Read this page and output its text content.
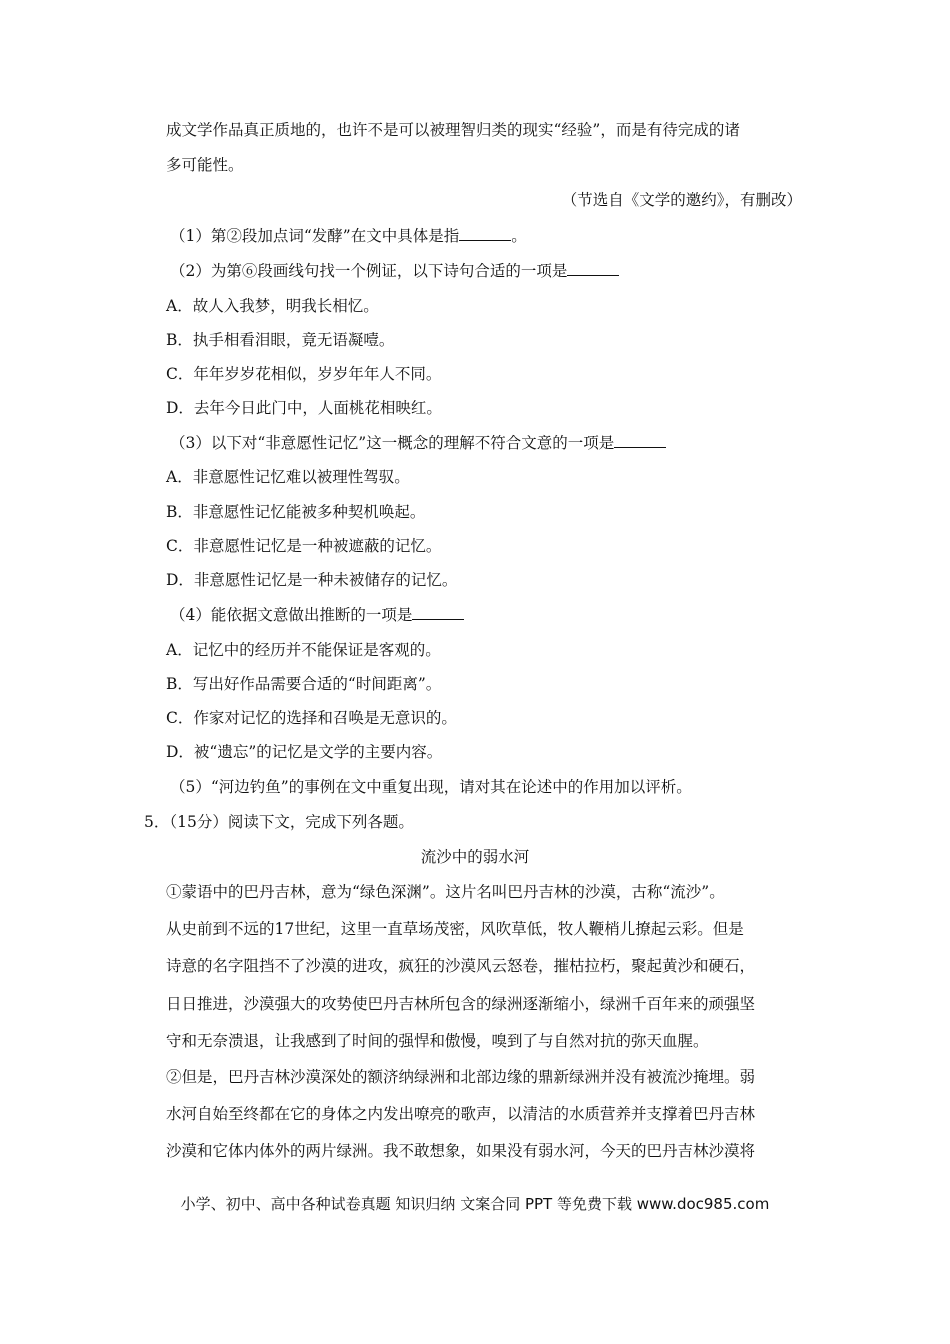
成文学作品真正质地的，也许不是可以被理智归类的现实“经验”，而是有待完成的诸
多可能性。
（节选自《文学的邀约》，有删改）
（1）第②段加点词“发酵”在文中具体是指	。
（2）为第⑥段画线句找一个例证，以下诗句合适的一项是
A．故人入我梦，明我长相忆。
B．执手相看泪眼，竟无语凝噎。
C．年年岁岁花相似，岁岁年年人不同。
D．去年今日此门中，人面桃花相映红。
（3）以下对“非意愿性记忆”这一概念的理解不符合文意的一项是
A．非意愿性记忆难以被理性驾驭。
B．非意愿性记忆能被多种契机唤起。
C．非意愿性记忆是一种被遮蔽的记忆。
D．非意愿性记忆是一种未被储存的记忆。
（4）能依据文意做出推断的一项是
A．记忆中的经历并不能保证是客观的。
B．写出好作品需要合适的“时间距离”。
C．作家对记忆的选择和召唤是无意识的。
D．被“遗忘”的记忆是文学的主要内容。
（5）“河边钓鱼”的事例在文中重复出现，请对其在论述中的作用加以评析。
5．（15分）阅读下文，完成下列各题。
流沙中的弱水河
①蒙语中的巴丹吉林，意为“绿色深渊”。这片名叫巴丹吉林的沙漠，古称“流沙”。
从史前到不远的17世纪，这里一直草场茂密，风吹草低，牧人鞭梢儿撩起云彩。但是
诗意的名字阻挡不了沙漠的进攻，疯狂的沙漠风云怒卷，摧枯拉朽，聚起黄沙和硬石，
日日推进，沙漠强大的攻势使巴丹吉林所包含的绿洲逐渐缩小，绿洲千百年来的顽强坚
守和无奈溃退，让我感到了时间的强悍和傲慢，嗅到了与自然对抗的弥天血腥。
②但是，巴丹吉林沙漠深处的额济纳绿洲和北部边缘的鼎新绿洲并没有被流沙掩埋。弱
水河自始至终都在它的身体之内发出嘹亮的歌声，以清洁的水质营养并支撑着巴丹吉林
沙漠和它体内体外的两片绿洲。我不敢想象，如果没有弱水河，今天的巴丹吉林沙漠将
小学、初中、高中各种试卷真题 知识归纳 文案合同 PPT 等免费下载 www.doc985.com
